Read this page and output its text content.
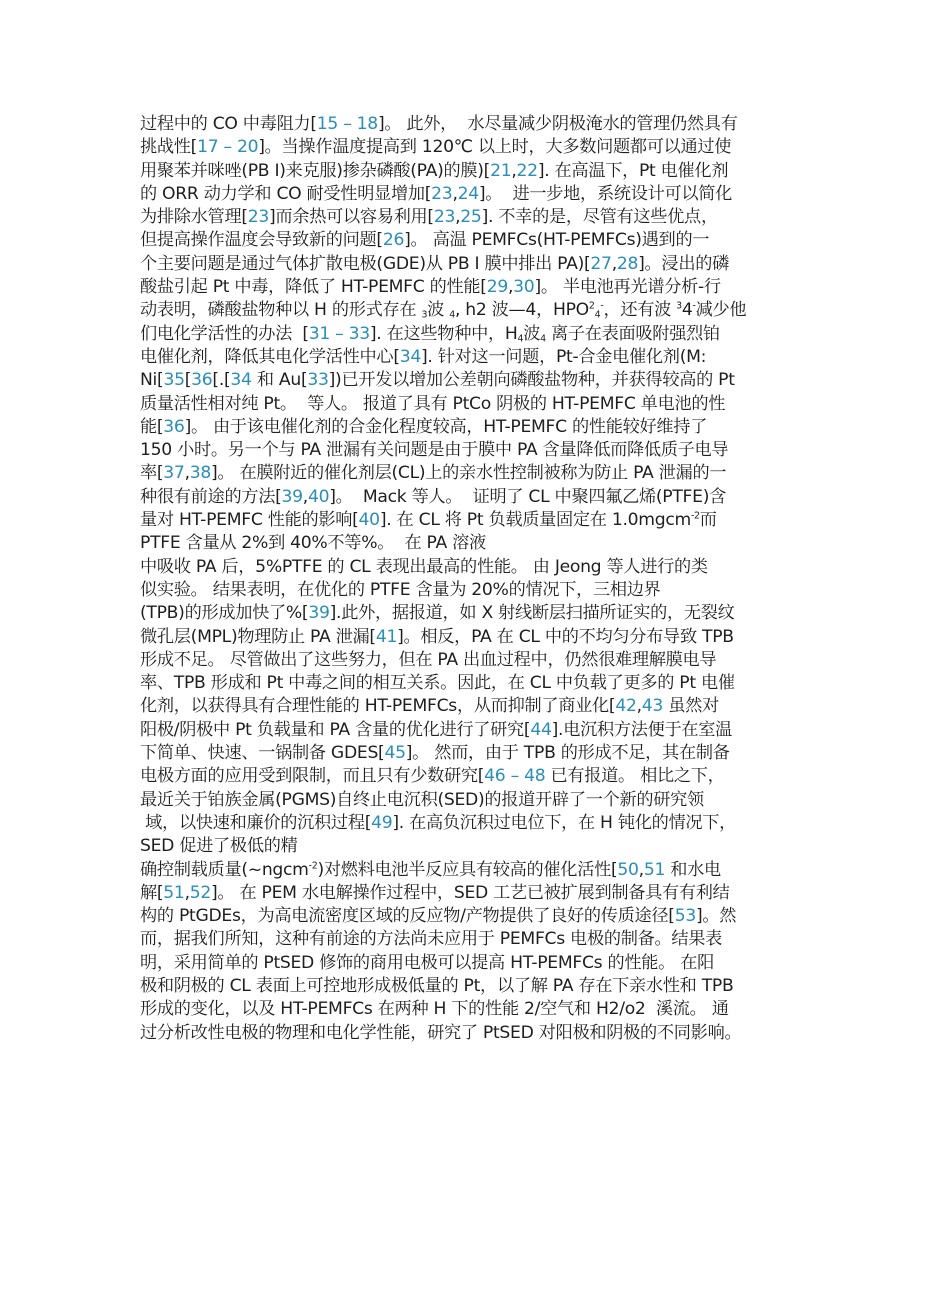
过程中的 CO 中毒阻力[15 – 18]。 此外，  水尽量减少阴极淹水的管理仍然具有
挑战性[17 – 20]。当操作温度提高到 120℃ 以上时，大多数问题都可以通过使
用聚苯并咪唑(PB I)来克服)掺杂磷酸(PA)的膜)[21,22]. 在高温下，Pt 电催化剂
的 ORR 动力学和 CO 耐受性明显增加[23,24]。  进一步地，系统设计可以简化
为排除水管理[23]而余热可以容易利用[23,25]. 不幸的是，尽管有这些优点，
但提高操作温度会导致新的问题[26]。 高温 PEMFCs(HT-PEMFCs)遇到的一
个主要问题是通过气体扩散电极(GDE)从 PB I 膜中排出 PA)[27,28]。浸出的磷
酸盐引起 Pt 中毒，降低了 HT-PEMFC 的性能[29,30]。 半电池再光谱分析-行
动表明，磷酸盐物种以 H 的形式存在 $_3$波 $_4$, h2 波—4，$HPO^2_4^-$，还有波 $^3$4-减少他
们电化学活性的办法  [31 – 33]. 在这些物种中，$H_4$波$_4$ 离子在表面吸附强烈铂
电催化剂，降低其电化学活性中心[34]. 针对这一问题，Pt-合金电催化剂(M:
Ni[35[36[.[34 和 Au[33])已开发以增加公差朝向磷酸盐物种，并获得较高的 Pt
质量活性相对纯 Pt。  等人。 报道了具有 PtCo 阴极的 HT-PEMFC 单电池的性
能[36]。 由于该电催化剂的合金化程度较高，HT-PEMFC 的性能较好维持了
150 小时。另一个与 PA 泄漏有关问题是由于膜中 PA 含量降低而降低质子电导
率[37,38]。 在膜附近的催化剂层(CL)上的亲水性控制被称为防止 PA 泄漏的一
种很有前途的方法[39,40]。  Mack 等人。  证明了 CL 中聚四氟乙烯(PTFE)含
量对 HT-PEMFC 性能的影响[40]. 在 CL 将 Pt 负载质量固定在 1.0mgcm$^{-2}$而
PTFE 含量从 2%到 40%不等%。  在 PA 溶液
中吸收 PA 后，5%PTFE 的 CL 表现出最高的性能。 由 Jeong 等人进行的类
似实验。 结果表明，在优化的 PTFE 含量为 20%的情况下，三相边界
(TPB)的形成加快了%[39].此外，据报道，如 X 射线断层扫描所证实的，无裂纹
微孔层(MPL)物理防止 PA 泄漏[41]。相反，PA 在 CL 中的不均匀分布导致 TPB
形成不足。 尽管做出了这些努力，但在 PA 出血过程中，仍然很难理解膜电导
率、TPB 形成和 Pt 中毒之间的相互关系。因此，在 CL 中负载了更多的 Pt 电催
化剂，以获得具有合理性能的 HT-PEMFCs，从而抑制了商业化[42,43 虽然对
阳极/阴极中 Pt 负载量和 PA 含量的优化进行了研究[44].电沉积方法便于在室温
下简单、快速、一锅制备 GDES[45]。 然而，由于 TPB 的形成不足，其在制备
电极方面的应用受到限制，而且只有少数研究[46 – 48 已有报道。 相比之下，
最近关于铂族金属(PGMS)自终止电沉积(SED)的报道开辟了一个新的研究领
域，以快速和廉价的沉积过程[49]. 在高负沉积过电位下，在 H 钝化的情况下，
SED 促进了极低的精
确控制载质量(~ngcm$^{-2}$)对燃料电池半反应具有较高的催化活性[50,51 和水电
解[51,52]。 在 PEM 水电解操作过程中，SED 工艺已被扩展到制备具有有利结
构的 PtGDEs，为高电流密度区域的反应物/产物提供了良好的传质途径[53]。然
而，据我们所知，这种有前途的方法尚未应用于 PEMFCs 电极的制备。结果表
明，采用简单的 PtSED 修饰的商用电极可以提高 HT-PEMFCs 的性能。 在阳
极和阴极的 CL 表面上可控地形成极低量的 Pt，以了解 PA 存在下亲水性和 TPB
形成的变化，以及 HT-PEMFCs 在两种 H 下的性能 2/空气和 H2/o2  溪流。 通
过分析改性电极的物理和电化学性能，研究了 PtSED 对阳极和阴极的不同影响。
